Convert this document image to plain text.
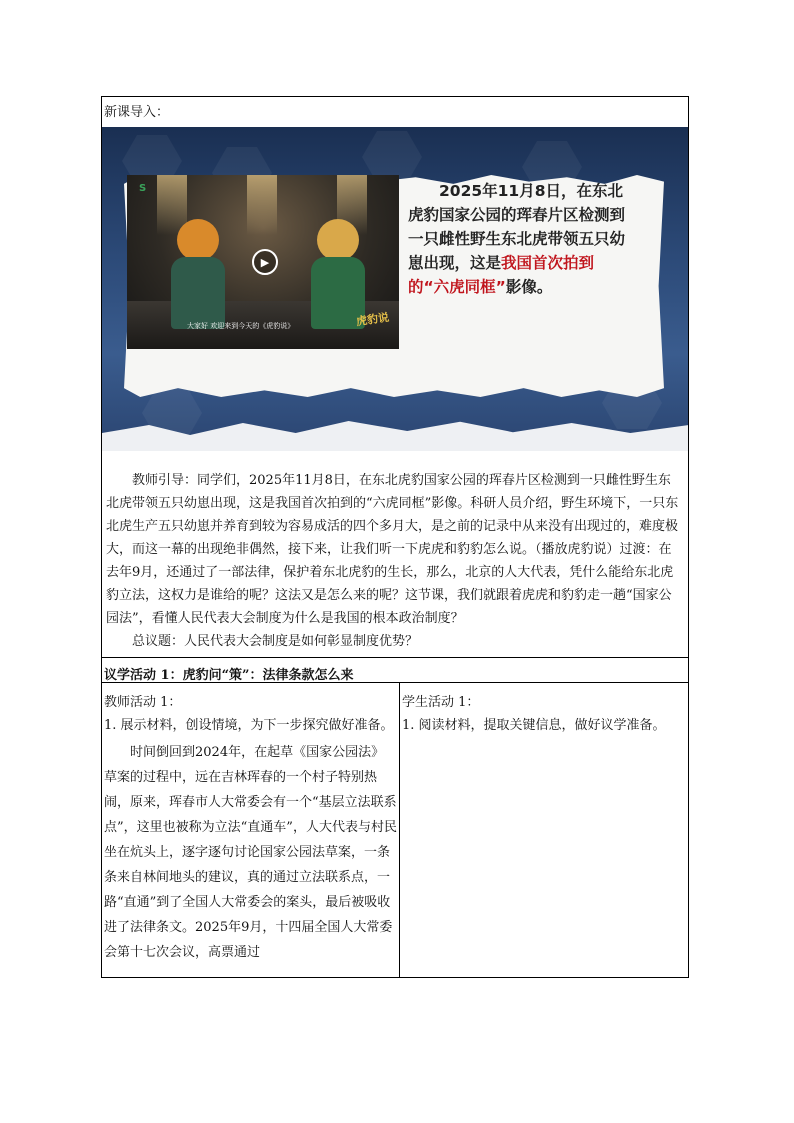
新课导入：
S
▶
大家好 欢迎来到今天的《虎豹说》	虎豹说
2025年11月8日，在东北虎豹国家公园的珲春片区检测到一只雌性野生东北虎带领五只幼崽出现，这是我国首次拍到的“六虎同框”影像。

教师引导：同学们，2025年11月8日，在东北虎豹国家公园的珲春片区检测到一只雌性野生东北虎带领五只幼崽出现，这是我国首次拍到的“六虎同框”影像。科研人员介绍，野生环境下，一只东北虎生产五只幼崽并养育到较为容易成活的四个多月大，是之前的记录中从来没有出现过的，难度极大，而这一幕的出现绝非偶然，接下来，让我们听一下虎虎和豹豹怎么说。（播放虎豹说）过渡：在去年9月，还通过了一部法律，保护着东北虎豹的生长，那么，北京的人大代表，凭什么能给东北虎豹立法，这权力是谁给的呢？这法又是怎么来的呢？这节课，我们就跟着虎虎和豹豹走一趟“国家公园法”，看懂人民代表大会制度为什么是我国的根本政治制度？

总议题：人民代表大会制度是如何彰显制度优势？

议学活动 1：虎豹问“策”：法律条款怎么来

教师活动 1：
1. 展示材料，创设情境，为下一步探究做好准备。

时间倒回到2024年，在起草《国家公园法》草案的过程中，远在吉林珲春的一个村子特别热闹，原来，珲春市人大常委会有一个“基层立法联系点”，这里也被称为立法“直通车”，人大代表与村民坐在炕头上，逐字逐句讨论国家公园法草案，一条条来自林间地头的建议，真的通过立法联系点，一路“直通”到了全国人大常委会的案头，最后被吸收进了法律条文。2025年9月，十四届全国人大常委会第十七次会议，高票通过

学生活动 1：
1. 阅读材料，提取关键信息，做好议学准备。
